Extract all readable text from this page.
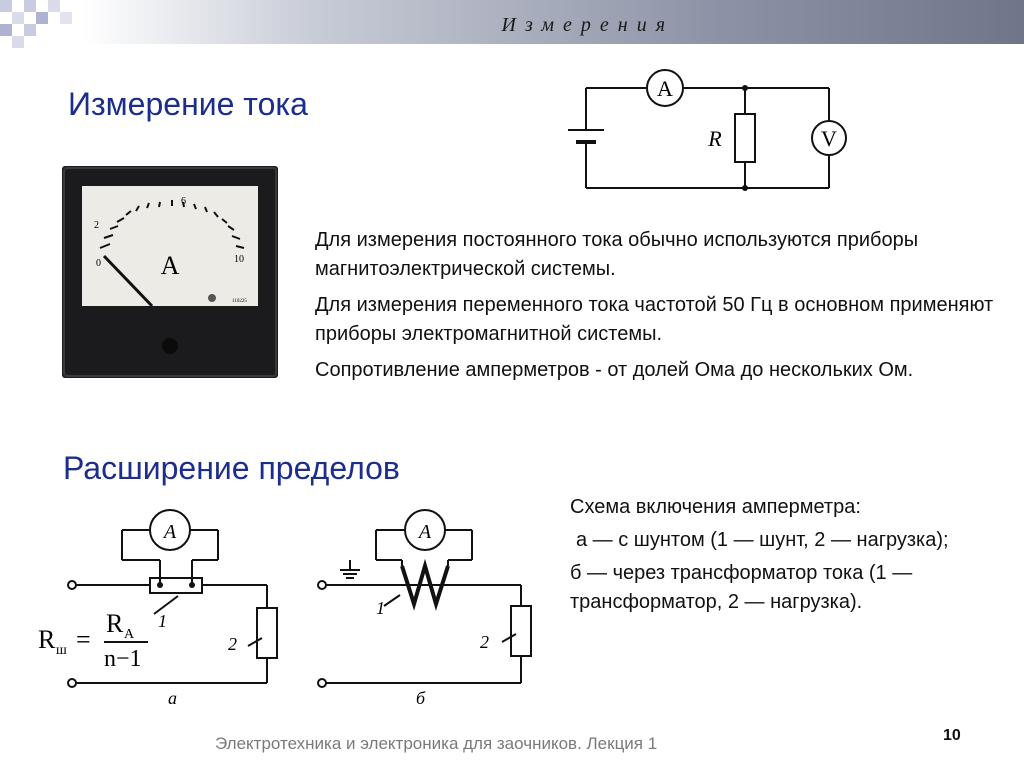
Измерения
Измерение тока	A
V
R
0
2
6
10
A
110225

Для измерения постоянного тока обычно используются приборы магнитоэлектрической системы.

Для измерения переменного тока частотой 50 Гц в основном применяют приборы электромагнитной системы.

Сопротивление амперметров - от долей Ома до нескольких Ом.

Расширение пределов
A
1
2
а
R ш =
R A
n−1
A
1
2
б

Схема включения амперметра:

а — с шунтом (1 — шунт, 2 — нагрузка);

б — через трансформатор тока (1 — трансформатор, 2 — нагрузка).

Электротехника и электроника для заочников. Лекция 1	10
